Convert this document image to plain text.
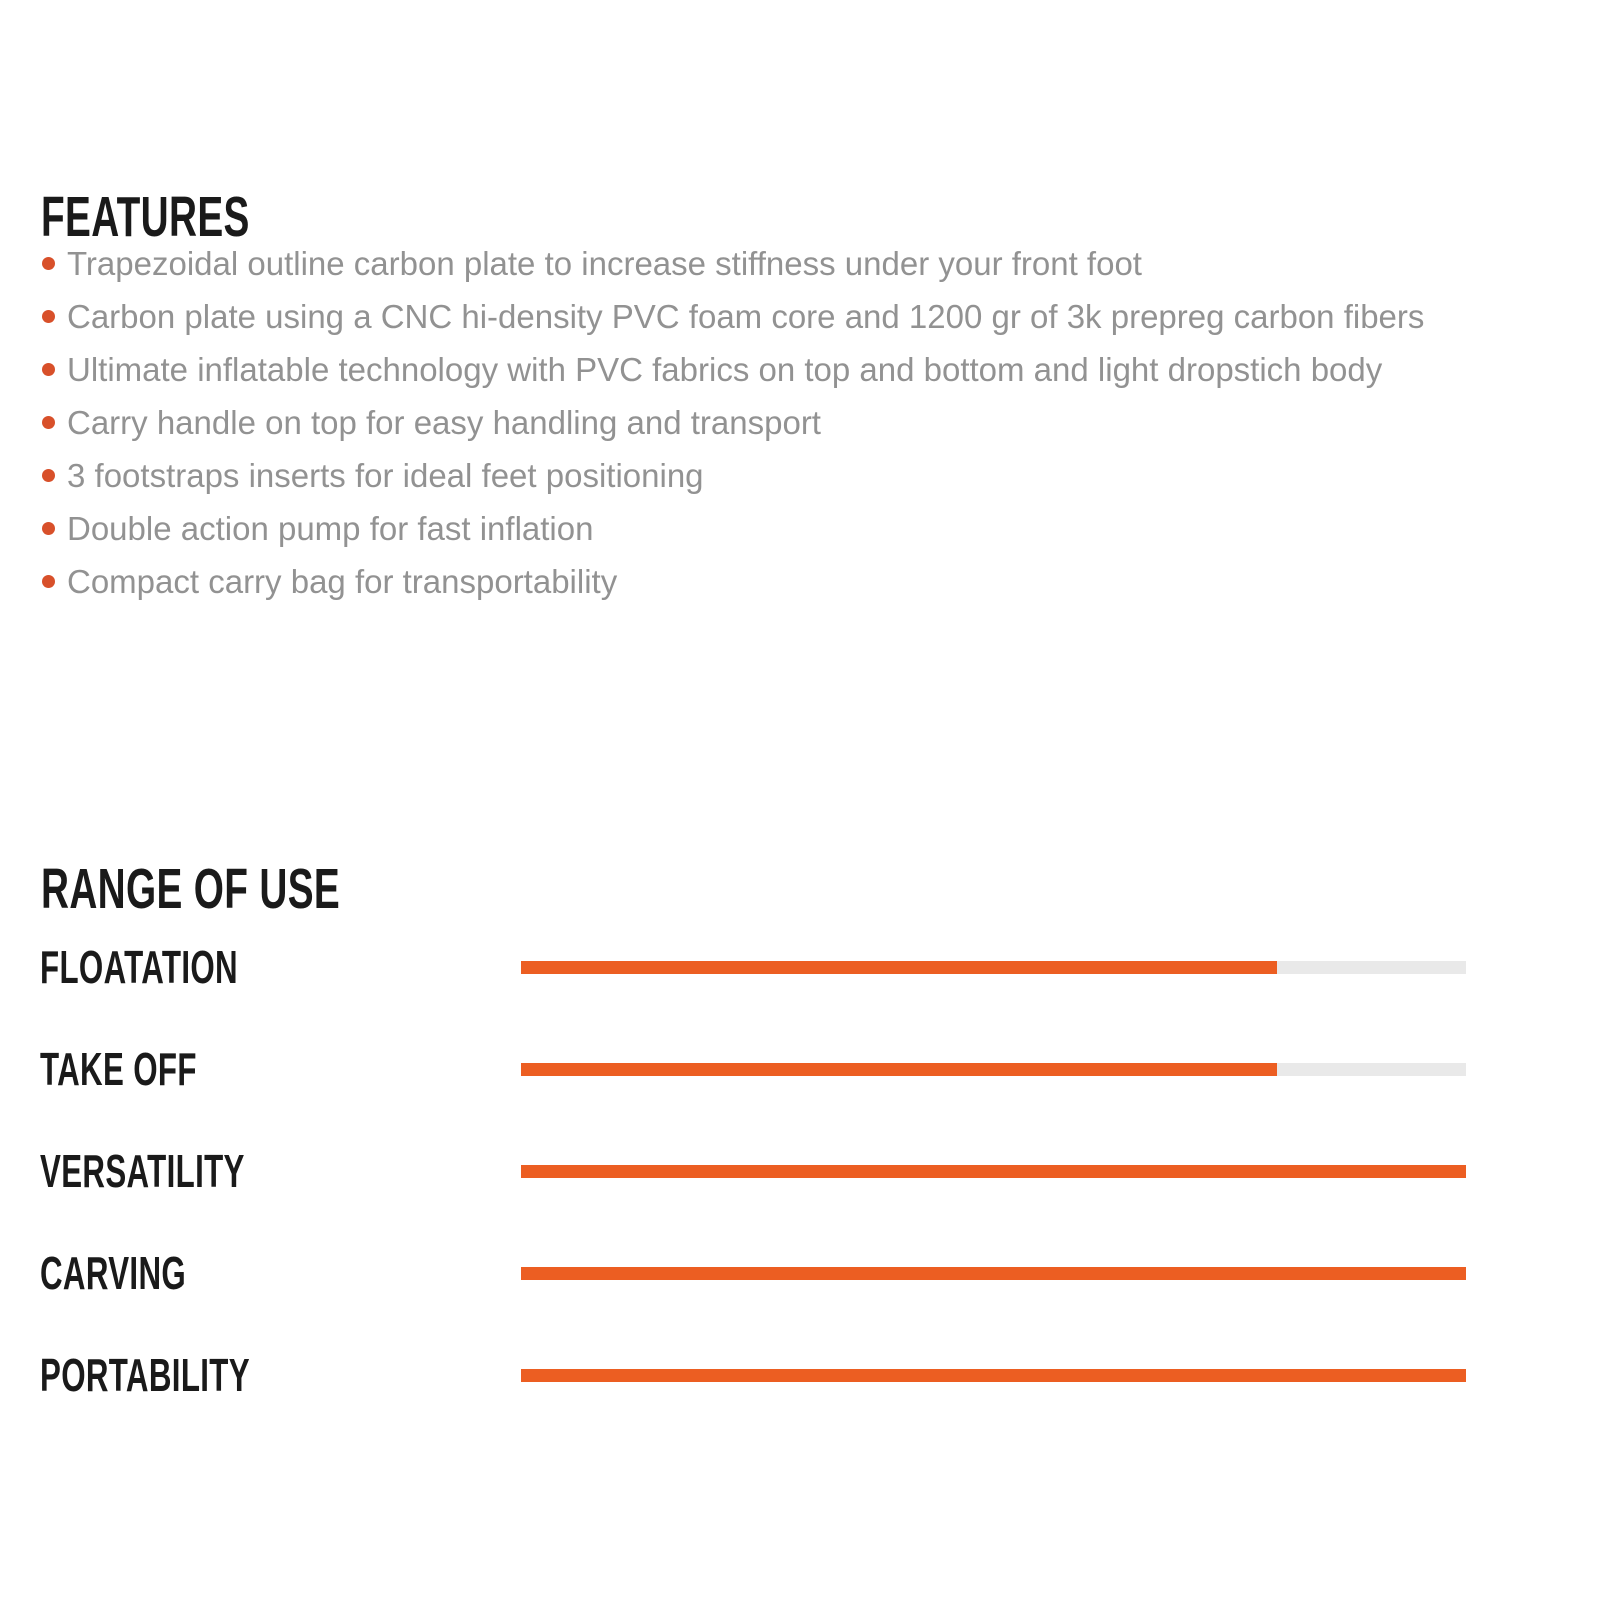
FEATURES
Trapezoidal outline carbon plate to increase stiffness under your front foot
Carbon plate using a CNC hi-density PVC foam core and 1200 gr of 3k prepreg carbon fibers
Ultimate inflatable technology with PVC fabrics on top and bottom and light dropstich body
Carry handle on top for easy handling and transport
3 footstraps inserts for ideal feet positioning
Double action pump for fast inflation
Compact carry bag for transportability
RANGE OF USE
FLOATATION
TAKE OFF
VERSATILITY
CARVING
PORTABILITY
